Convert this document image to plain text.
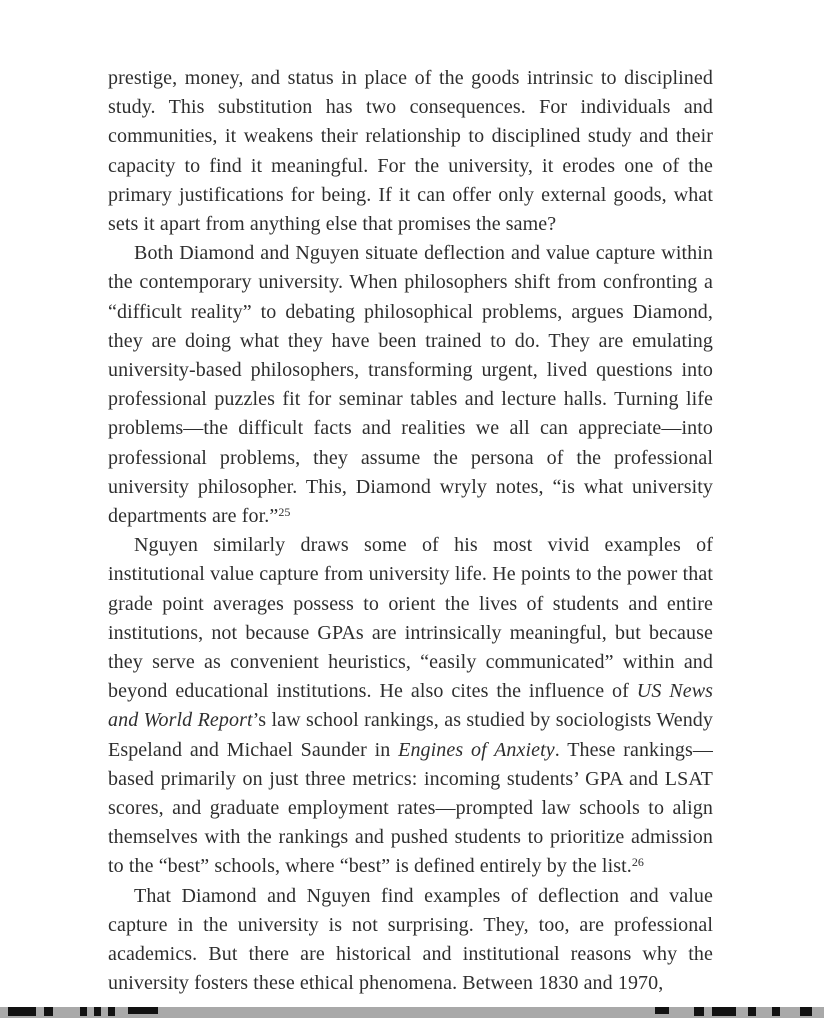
prestige, money, and status in place of the goods intrinsic to disciplined study. This substitution has two consequences. For individuals and communities, it weakens their relationship to disciplined study and their capacity to find it meaningful. For the university, it erodes one of the primary justifications for being. If it can offer only external goods, what sets it apart from anything else that promises the same?

Both Diamond and Nguyen situate deflection and value capture within the contemporary university. When philosophers shift from confronting a “difficult reality” to debating philosophical problems, argues Diamond, they are doing what they have been trained to do. They are emulating university-based philosophers, transforming urgent, lived questions into professional puzzles fit for seminar tables and lecture halls. Turning life problems—the difficult facts and realities we all can appreciate—into professional problems, they assume the persona of the professional university philosopher. This, Diamond wryly notes, “is what university departments are for.”$^{25}$

Nguyen similarly draws some of his most vivid examples of institutional value capture from university life. He points to the power that grade point averages possess to orient the lives of students and entire institutions, not because GPAs are intrinsically meaningful, but because they serve as convenient heuristics, “easily communicated” within and beyond educational institutions. He also cites the influence of US News and World Report’s law school rankings, as studied by sociologists Wendy Espeland and Michael Saunder in Engines of Anxiety. These rankings—based primarily on just three metrics: incoming students’ GPA and LSAT scores, and graduate employment rates—prompted law schools to align themselves with the rankings and pushed students to prioritize admission to the “best” schools, where “best” is defined entirely by the list.$^{26}$

That Diamond and Nguyen find examples of deflection and value capture in the university is not surprising. They, too, are professional academics. But there are historical and institutional reasons why the university fosters these ethical phenomena. Between 1830 and 1970,
